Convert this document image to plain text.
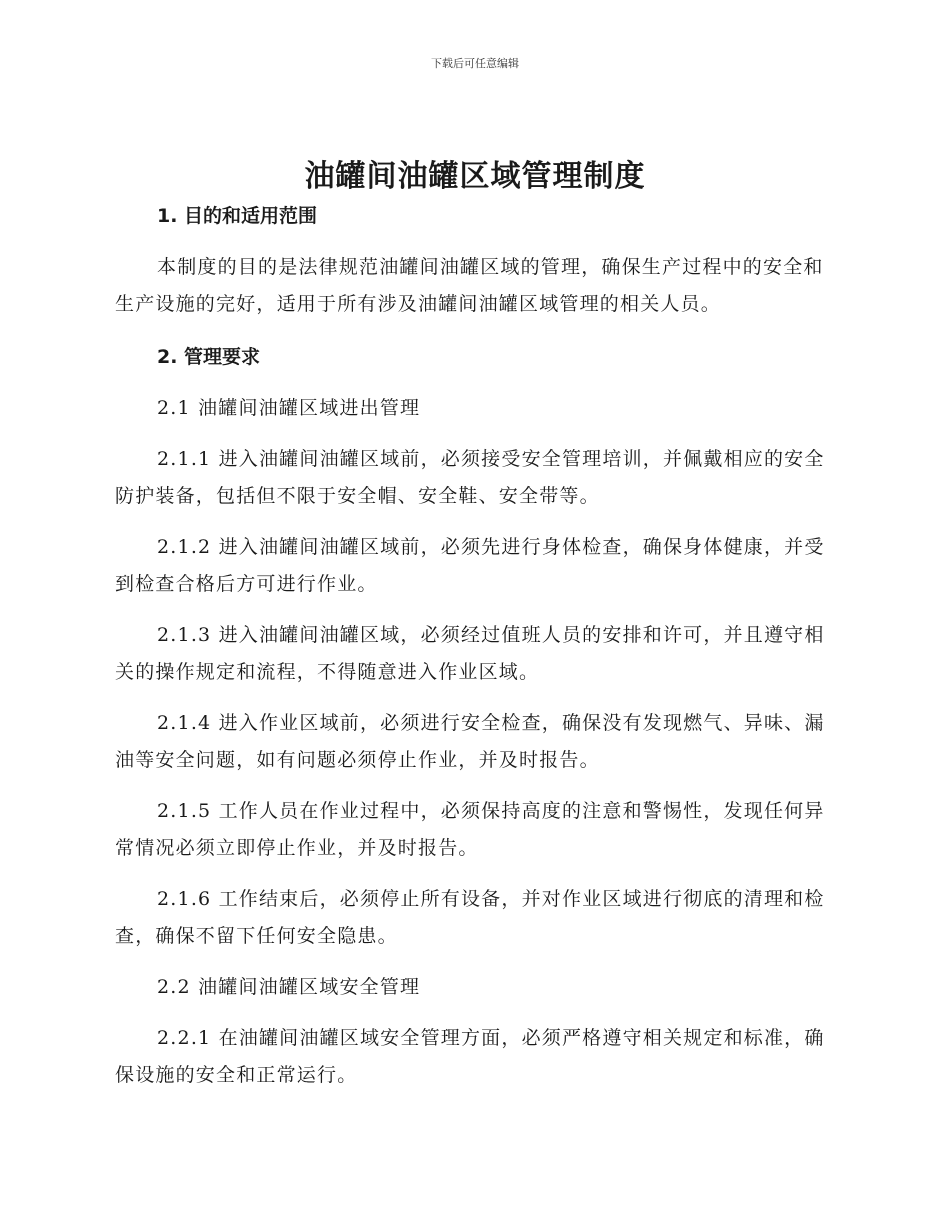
下载后可任意编辑
油罐间油罐区域管理制度

1. 目的和适用范围

本制度的目的是法律规范油罐间油罐区域的管理，确保生产过程中的安全和生产设施的完好，适用于所有涉及油罐间油罐区域管理的相关人员。

2. 管理要求

2.1 油罐间油罐区域进出管理

2.1.1 进入油罐间油罐区域前，必须接受安全管理培训，并佩戴相应的安全防护装备，包括但不限于安全帽、安全鞋、安全带等。

2.1.2 进入油罐间油罐区域前，必须先进行身体检查，确保身体健康，并受到检查合格后方可进行作业。

2.1.3 进入油罐间油罐区域，必须经过值班人员的安排和许可，并且遵守相关的操作规定和流程，不得随意进入作业区域。

2.1.4 进入作业区域前，必须进行安全检查，确保没有发现燃气、异味、漏油等安全问题，如有问题必须停止作业，并及时报告。

2.1.5 工作人员在作业过程中，必须保持高度的注意和警惕性，发现任何异常情况必须立即停止作业，并及时报告。

2.1.6 工作结束后，必须停止所有设备，并对作业区域进行彻底的清理和检查，确保不留下任何安全隐患。

2.2 油罐间油罐区域安全管理

2.2.1 在油罐间油罐区域安全管理方面，必须严格遵守相关规定和标准，确保设施的安全和正常运行。
